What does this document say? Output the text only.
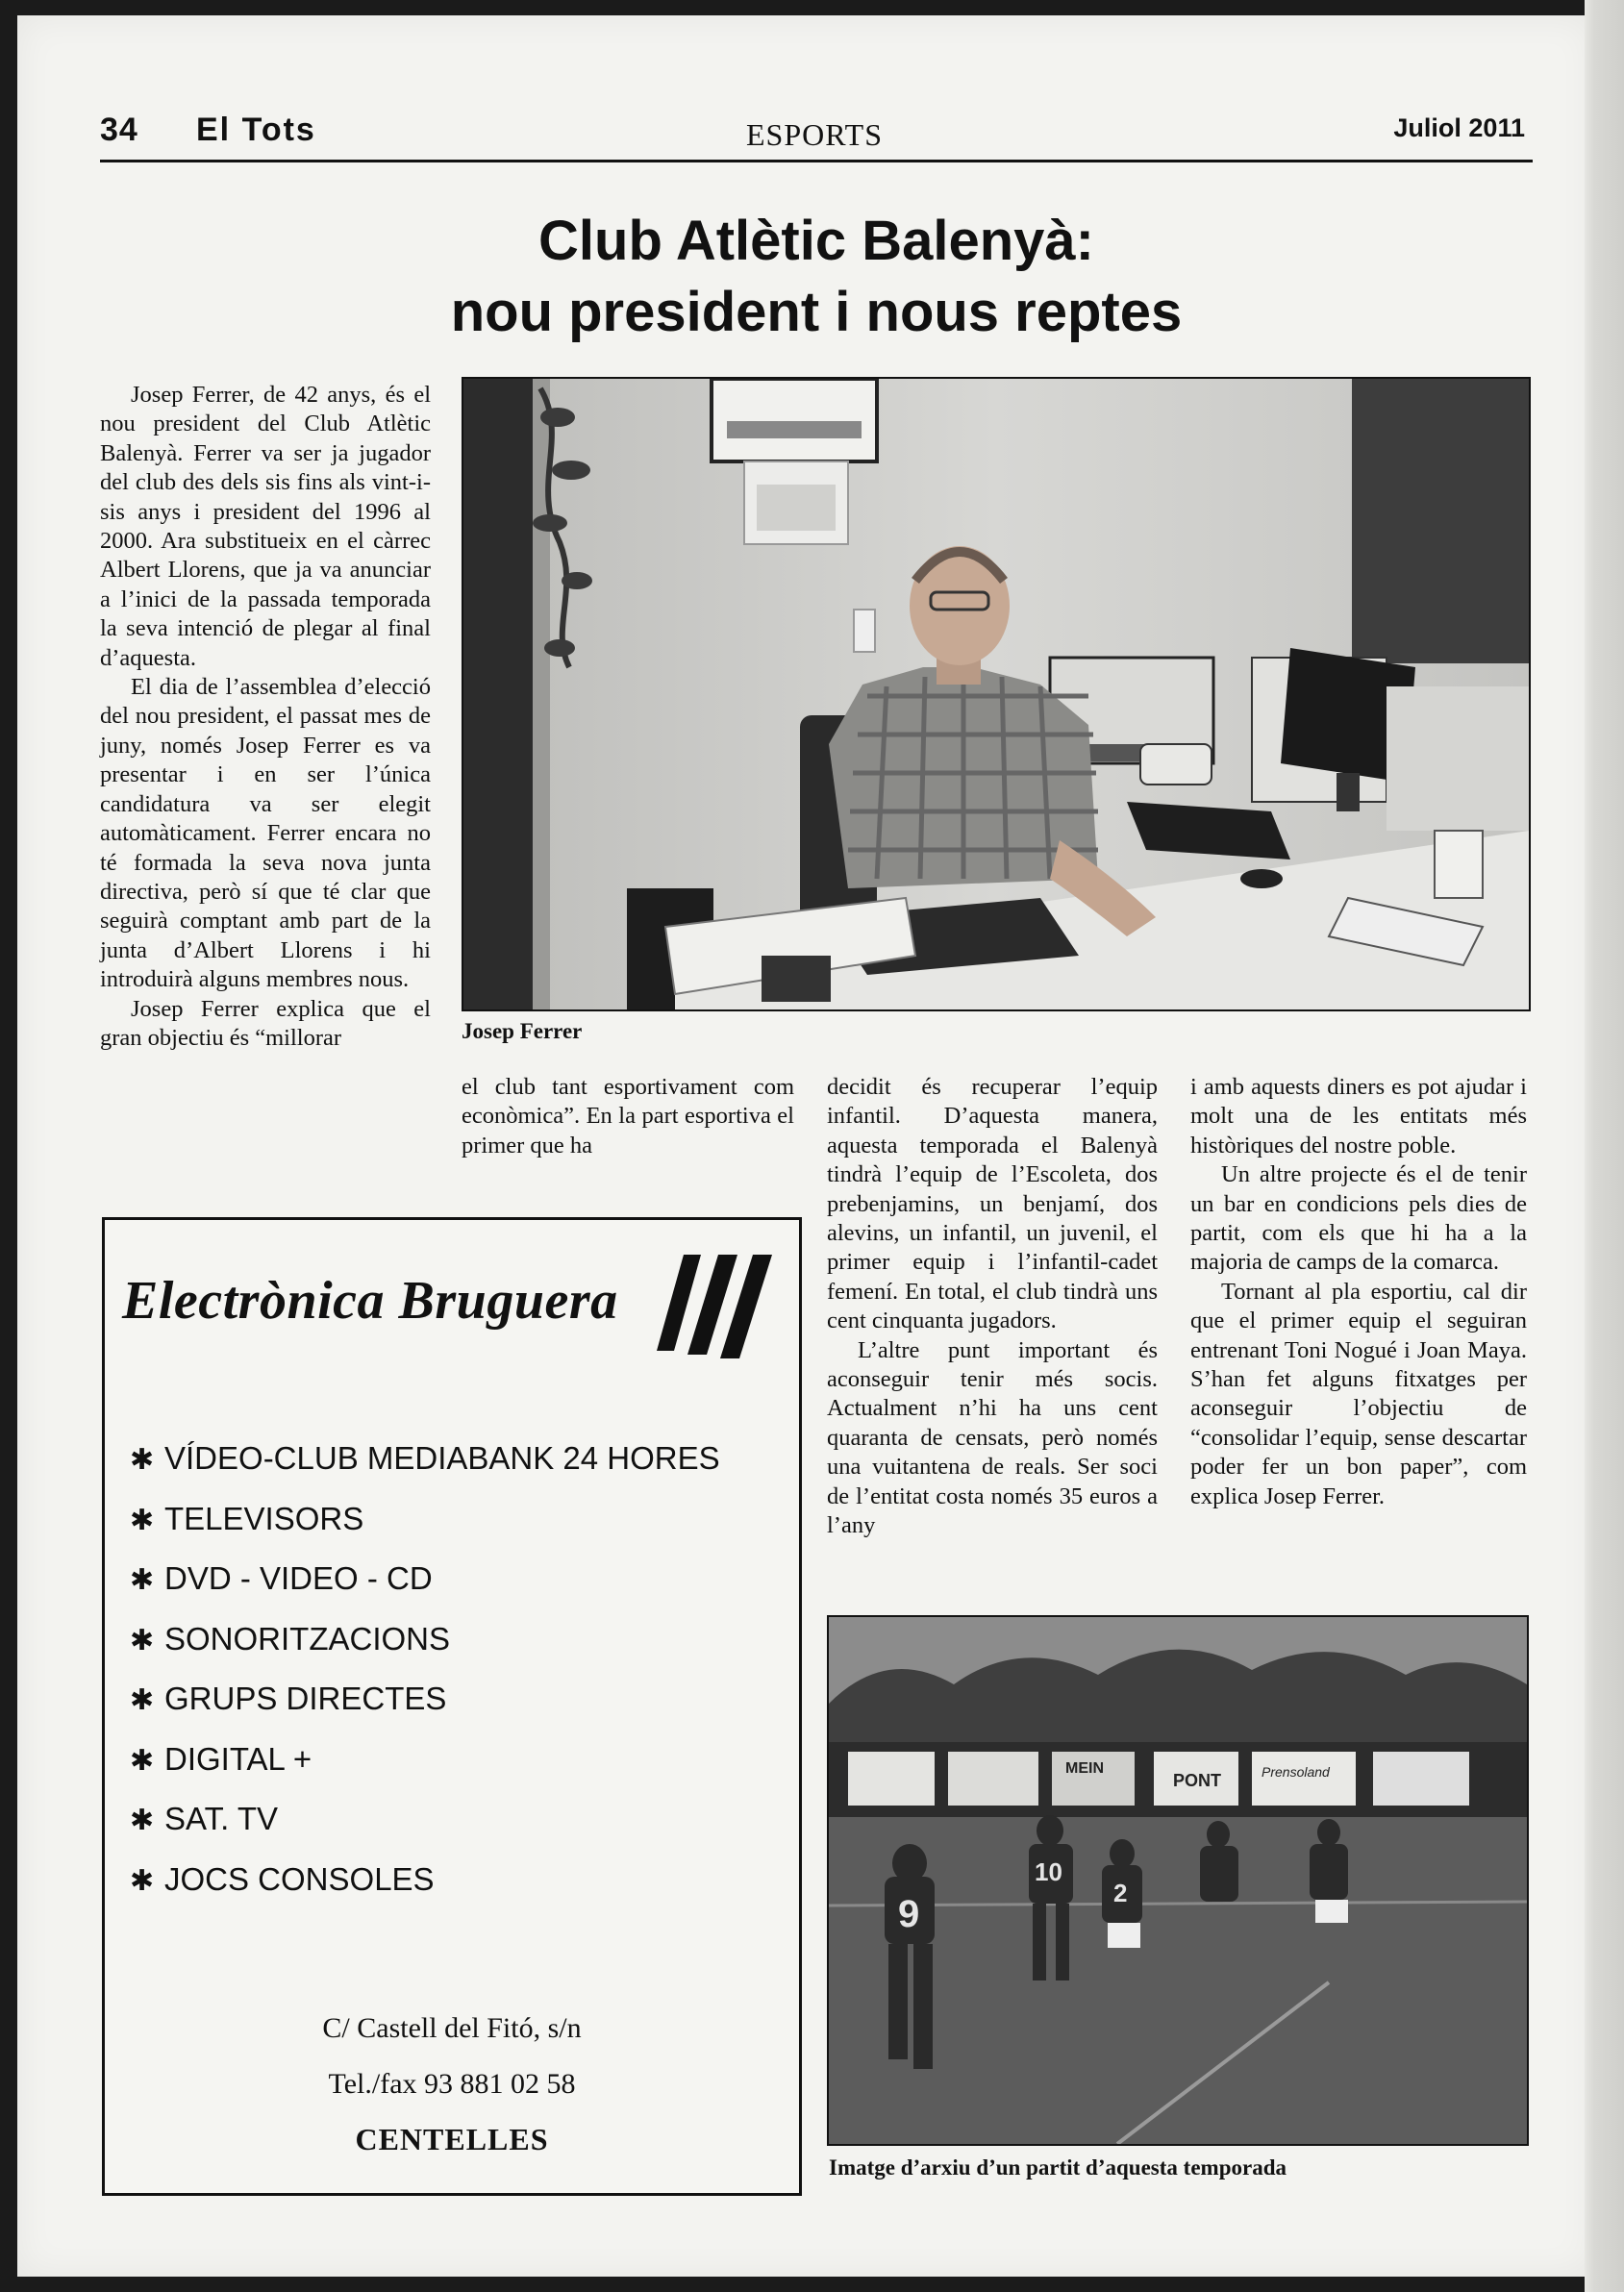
34 El Tots	ESPORTS	Juliol 2011
Club Atlètic Balenyà:
nou president i nous reptes

Josep Ferrer, de 42 anys, és el nou president del Club Atlètic Balenyà. Ferrer va ser ja jugador del club des dels sis fins als vint-i-sis anys i president del 1996 al 2000. Ara substitueix en el càrrec Albert Llorens, que ja va anunciar a l’inici de la passada temporada la seva intenció de plegar al final d’aquesta.

El dia de l’assemblea d’elecció del nou president, el passat mes de juny, només Josep Ferrer es va presentar i en ser l’única candidatura va ser elegit automàticament. Ferrer encara no té formada la seva nova junta directiva, però sí que té clar que seguirà comptant amb part de la junta d’Albert Llorens i hi introduirà alguns membres nous.

Josep Ferrer explica que el gran objectiu és “millorar	Josep Ferrer

el club tant esportivament com econòmica”. En la part esportiva el primer que ha

decidit és recuperar l’equip infantil. D’aquesta manera, aquesta temporada el Balenyà tindrà l’equip de l’Escoleta, dos prebenjamins, un benjamí, dos alevins, un infantil, un juvenil, el primer equip i l’infantil-cadet femení. En total, el club tindrà uns cent cinquanta jugadors.

L’altre punt important és aconseguir tenir més socis. Actualment n’hi ha uns cent quaranta de censats, però només una vuitantena de reals. Ser soci de l’entitat costa només 35 euros a l’any

i amb aquests diners es pot ajudar i molt una de les entitats més històriques del nostre poble.

Un altre projecte és el de tenir un bar en condicions pels dies de partit, com els que hi ha a la majoria de camps de la comarca.

Tornant al pla esportiu, cal dir que el primer equip el seguiran entrenant Toni Nogué i Joan Maya. S’han fet alguns fitxatges per aconseguir l’objectiu de “consolidar l’equip, sense descartar poder fer un bon paper”, com explica Josep Ferrer.

MEIN
PONT	Prensoland
9
10
2
Imatge d’arxiu d’un partit d’aquesta temporada
Electrònica Bruguera
✱ VÍDEO-CLUB MEDIABANK 24 HORES
✱ TELEVISORS
✱ DVD - VIDEO - CD
✱ SONORITZACIONS
✱ GRUPS DIRECTES
✱ DIGITAL +
✱ SAT. TV
✱ JOCS CONSOLES
C/ Castell del Fitó, s/n
Tel./fax 93 881 02 58
CENTELLES
